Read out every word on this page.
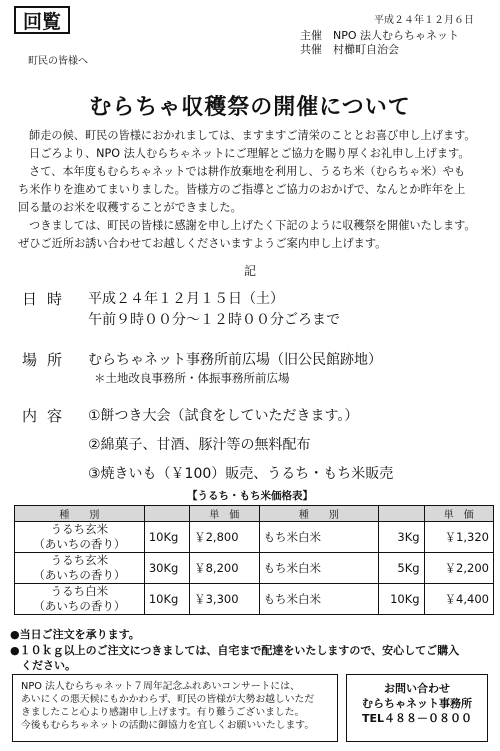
回覧	平成２４年１２月６日
主催　NPO 法人むらちゃネット
共催　村櫛町自治会
町民の皆様へ
むらちゃ収穫祭の開催について
師走の候、町民の皆様におかれましては、ますますご清栄のこととお喜び申し上げます。
日ごろより、NPO 法人むらちゃネットにご理解とご協力を賜り厚くお礼申し上げます。
さて、本年度もむらちゃネットでは耕作放棄地を利用し、うるち米（むらちゃ米）やも
ち米作りを進めてまいりました。皆様方のご指導とご協力のおかげで、なんとか昨年を上
回る量のお米を収穫することができました。
つきましては、町民の皆様に感謝を申し上げたく下記のように収穫祭を開催いたします。
ぜひご近所お誘い合わせてお越しくださいますようご案内申し上げます。
記
日時 平成２４年１２月１５日（土）
午前９時００分～１２時００分ごろまで
場所 むらちゃネット事務所前広場（旧公民館跡地）
＊土地改良事務所・体振事務所前広場
内容 ①餅つき大会（試食をしていただきます。）
②綿菓子、甘酒、豚汁等の無料配布
③焼きいも（￥100）販売、うるち・もち米販売
【うるち・もち米価格表】
種　　別		単　価	種　　別		単　価
うるち玄米
（あいちの香り）	10Kg	￥2,800	もち米白米	3Kg	￥1,320
うるち玄米
（あいちの香り）	30Kg	￥8,200	もち米白米	5Kg	￥2,200
うるち白米
（あいちの香り）	10Kg	￥3,300	もち米白米	10Kg	￥4,400
●当日ご注文を承ります。
●１０ｋｇ以上のご注文につきましては、自宅まで配達をいたしますので、安心してご購入
　ください。
NPO 法人むらちゃネット７周年記念ふれあいコンサートには、
あいにくの悪天候にもかかわらず、町民の皆様が大勢お越しいただ
きましたこと心より感謝申し上げます。有り難うございました。
今後もむらちゃネットの活動に御協力を宜しくお願いいたします。
お問い合わせ
むらちゃネット事務所
TEL４８８－０８００
